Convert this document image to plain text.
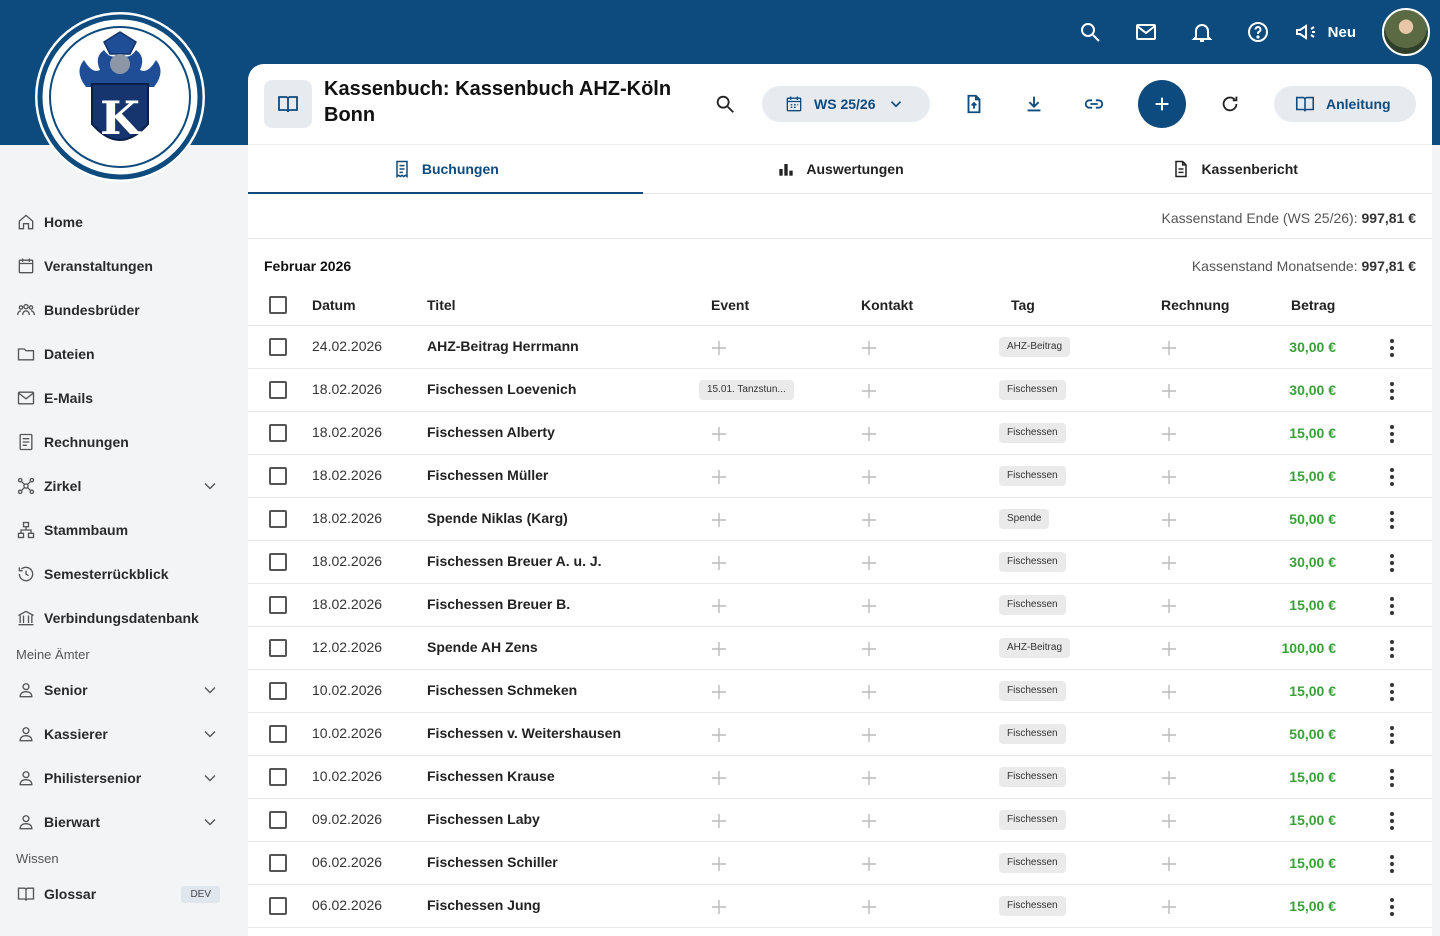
Neu
K
Home
Veranstaltungen
Bundesbrüder
Dateien
E-Mails
Rechnungen
Zirkel
Stammbaum
Semesterrückblick
Verbindungsdatenbank
Meine Ämter
Senior
Kassierer
Philistersenior
Bierwart
Wissen
Glossar	DEV
Kassenbuch: Kassenbuch AHZ-Köln Bonn	WS 25/26	Anleitung
Buchungen	Auswertungen	Kassenbericht
Kassenstand Ende (WS 25/26): 997,81 €
Februar 2026	Kassenstand Monatsende: 997,81 €
Datum	Titel	Event	Kontakt	Tag	Rechnung	Betrag
24.02.2026	AHZ-Beitrag Herrmann	AHZ-Beitrag	30,00 €
18.02.2026	Fischessen Loevenich	15.01. Tanzstun...	Fischessen	30,00 €
18.02.2026	Fischessen Alberty	Fischessen	15,00 €
18.02.2026	Fischessen Müller	Fischessen	15,00 €
18.02.2026	Spende Niklas (Karg)	Spende	50,00 €
18.02.2026	Fischessen Breuer A. u. J.	Fischessen	30,00 €
18.02.2026	Fischessen Breuer B.	Fischessen	15,00 €
12.02.2026	Spende AH Zens	AHZ-Beitrag	100,00 €
10.02.2026	Fischessen Schmeken	Fischessen	15,00 €
10.02.2026	Fischessen v. Weitershausen	Fischessen	50,00 €
10.02.2026	Fischessen Krause	Fischessen	15,00 €
09.02.2026	Fischessen Laby	Fischessen	15,00 €
06.02.2026	Fischessen Schiller	Fischessen	15,00 €
06.02.2026	Fischessen Jung	Fischessen	15,00 €
